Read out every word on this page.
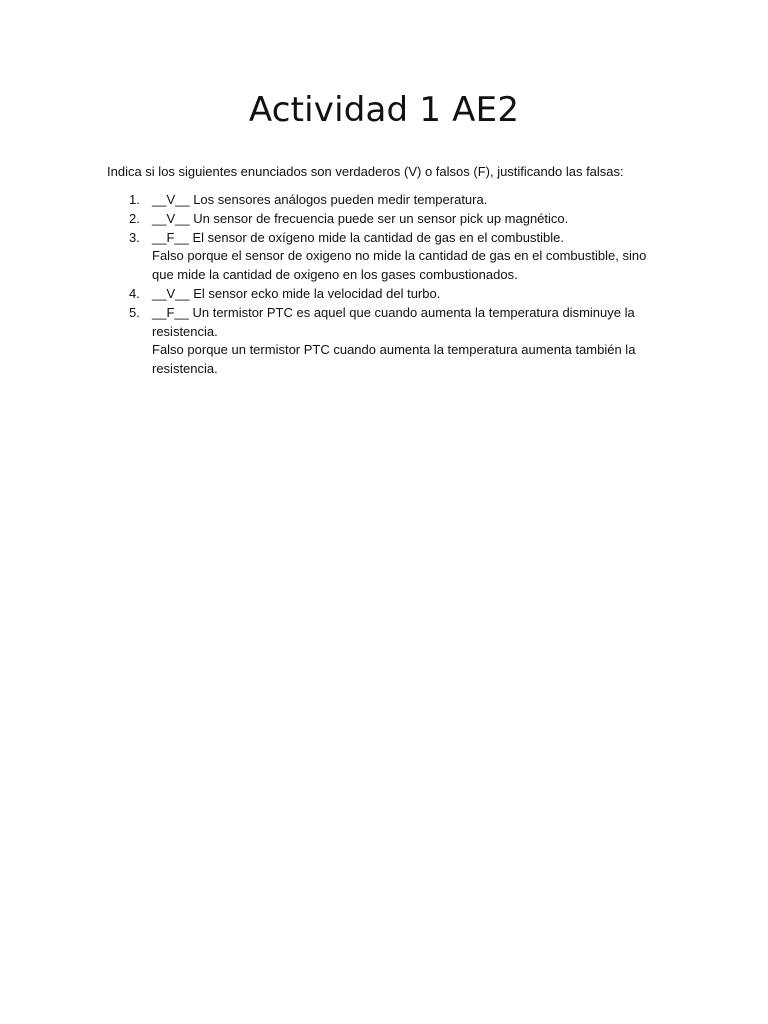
Actividad 1 AE2

Indica si los siguientes enunciados son verdaderos (V) o falsos (F), justificando las falsas:

1. __V__ Los sensores análogos pueden medir temperatura.
2. __V__ Un sensor de frecuencia puede ser un sensor pick up magnético.
3. __F__ El sensor de oxígeno mide la cantidad de gas en el combustible.
Falso porque el sensor de oxigeno no mide la cantidad de gas en el combustible, sino que mide la cantidad de oxigeno en los gases combustionados.
4. __V__ El sensor ecko mide la velocidad del turbo.
5. __F__ Un termistor PTC es aquel que cuando aumenta la temperatura disminuye la resistencia.
Falso porque un termistor PTC cuando aumenta la temperatura aumenta también la resistencia.
